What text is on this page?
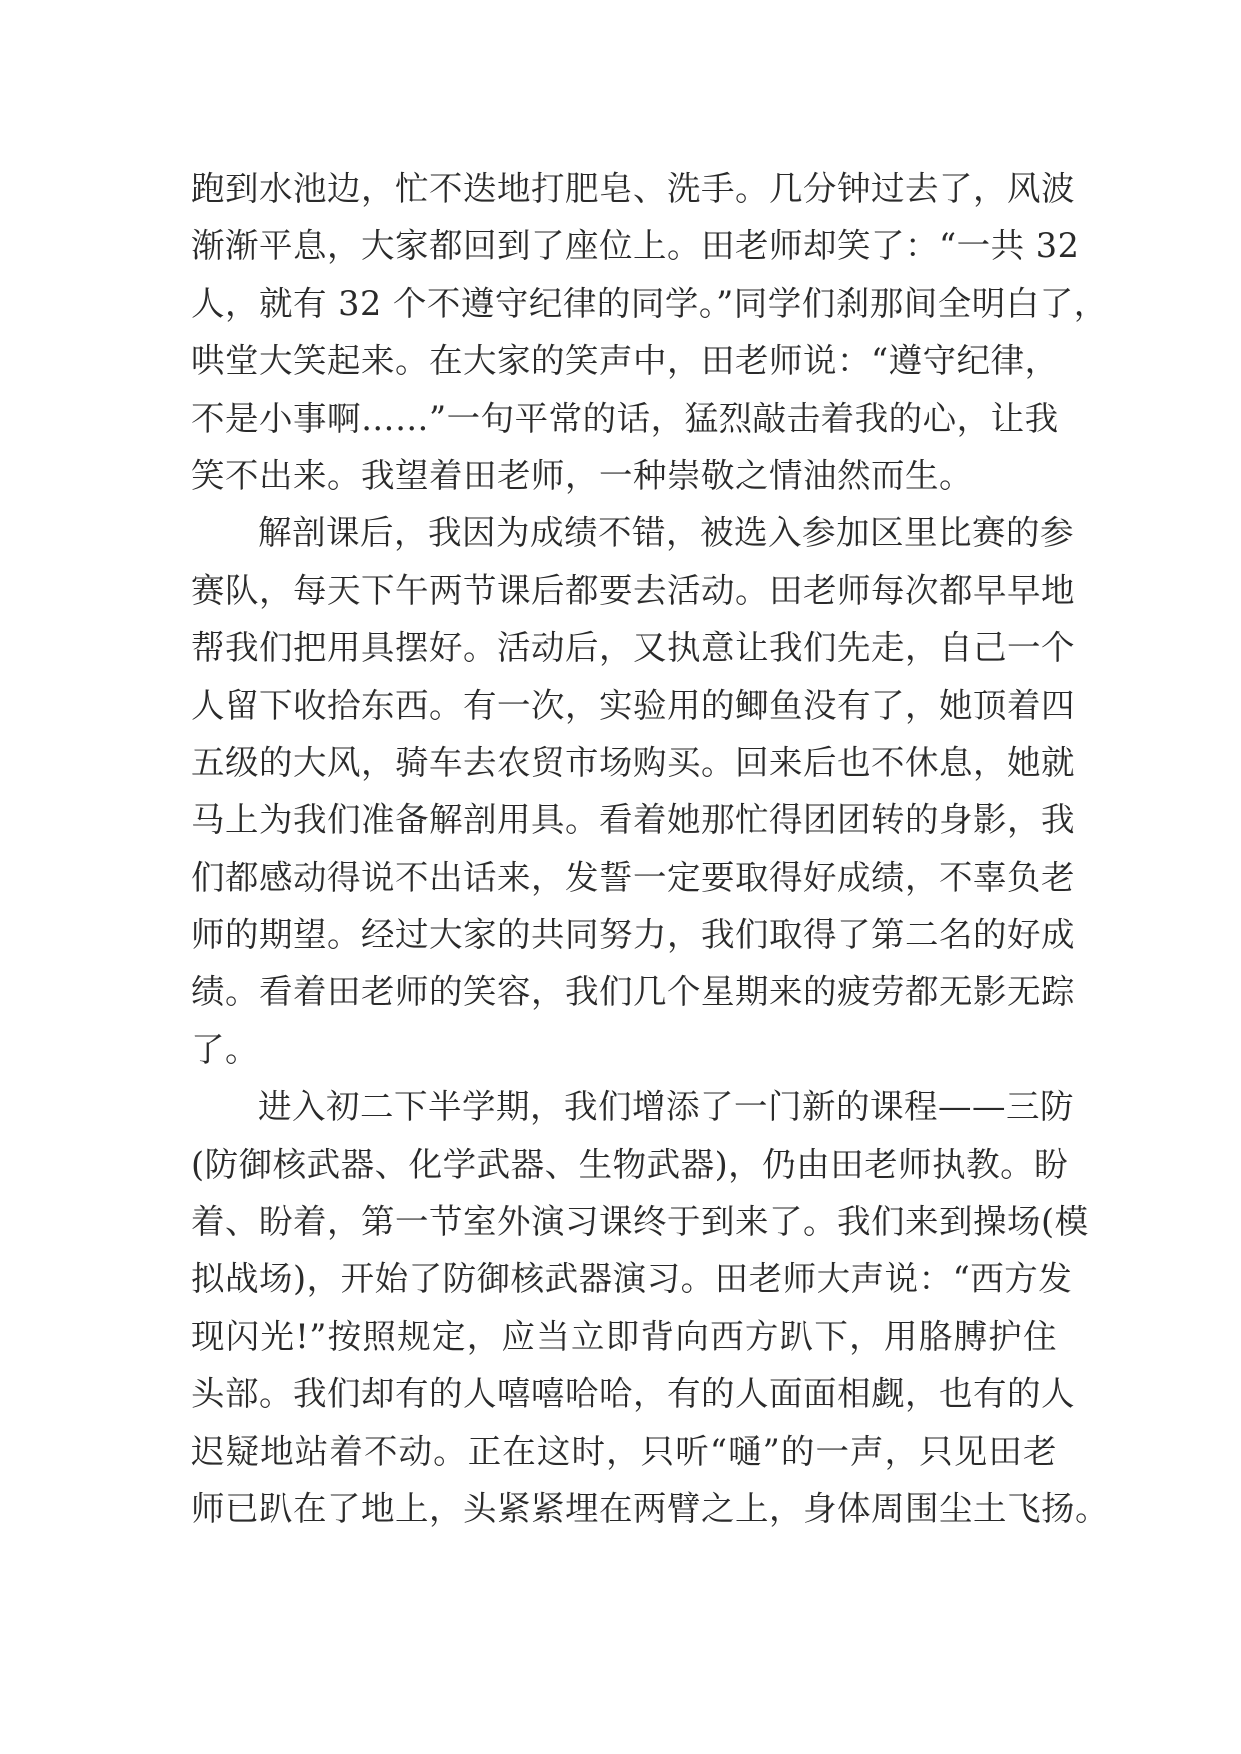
跑到水池边，忙不迭地打肥皂、洗手。几分钟过去了，风波
渐渐平息，大家都回到了座位上。田老师却笑了：“一共 32
人，就有 32 个不遵守纪律的同学。”同学们刹那间全明白了，
哄堂大笑起来。在大家的笑声中，田老师说：“遵守纪律，
不是小事啊……”一句平常的话，猛烈敲击着我的心，让我
笑不出来。我望着田老师，一种崇敬之情油然而生。
解剖课后，我因为成绩不错，被选入参加区里比赛的参
赛队，每天下午两节课后都要去活动。田老师每次都早早地
帮我们把用具摆好。活动后，又执意让我们先走，自己一个
人留下收拾东西。有一次，实验用的鲫鱼没有了，她顶着四
五级的大风，骑车去农贸市场购买。回来后也不休息，她就
马上为我们准备解剖用具。看着她那忙得团团转的身影，我
们都感动得说不出话来，发誓一定要取得好成绩，不辜负老
师的期望。经过大家的共同努力，我们取得了第二名的好成
绩。看着田老师的笑容，我们几个星期来的疲劳都无影无踪
了。
进入初二下半学期，我们增添了一门新的课程——三防
(防御核武器、化学武器、生物武器)，仍由田老师执教。盼
着、盼着，第一节室外演习课终于到来了。我们来到操场(模
拟战场)，开始了防御核武器演习。田老师大声说：“西方发
现闪光!”按照规定，应当立即背向西方趴下，用胳膊护住
头部。我们却有的人嘻嘻哈哈，有的人面面相觑，也有的人
迟疑地站着不动。正在这时，只听“嗵”的一声，只见田老
师已趴在了地上，头紧紧埋在两臂之上，身体周围尘土飞扬。
